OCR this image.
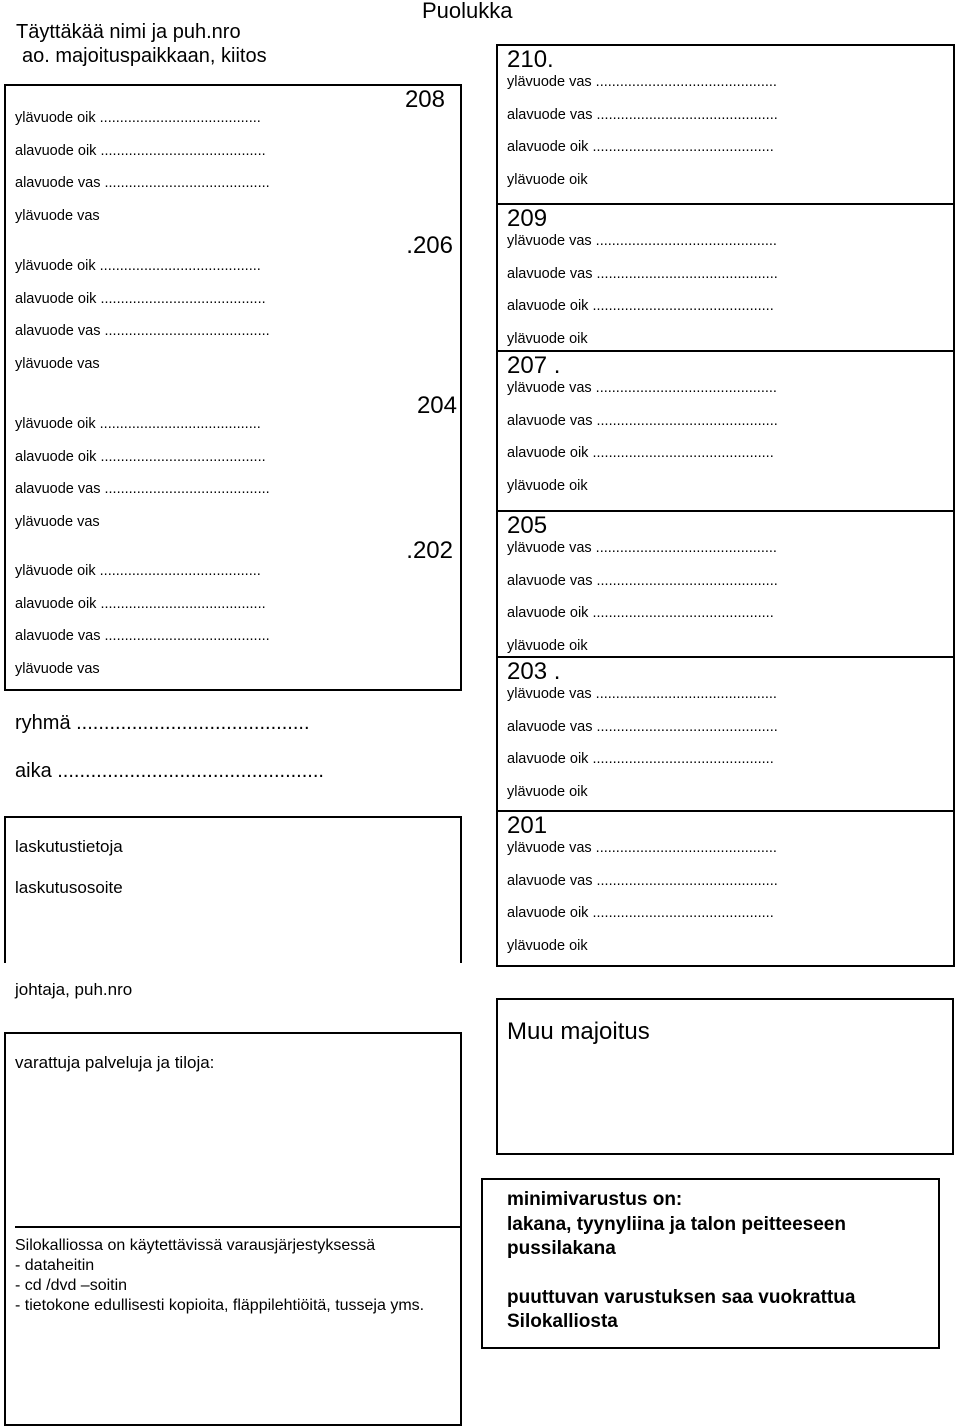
Täyttäkää nimi ja puh.nro
ao. majoituspaikkaan, kiitos
Puolukka
208
ylävuode oik ........................................
alavuode oik .........................................
alavuode vas .........................................
ylävuode vas
.206
ylävuode oik ........................................
alavuode oik .........................................
alavuode vas .........................................
ylävuode vas
204
ylävuode oik ........................................
alavuode oik .........................................
alavuode vas .........................................
ylävuode vas
.202
ylävuode oik ........................................
alavuode oik .........................................
alavuode vas .........................................
ylävuode vas
ryhmä ..........................................
aika ................................................
laskutustietoja
laskutusosoite
johtaja, puh.nro
varattuja palveluja ja tiloja:
Silokalliossa on käytettävissä varausjärjestyksessä
- dataheitin
- cd /dvd –soitin
- tietokone edullisesti kopioita, fläppilehtiöitä, tusseja yms.
210.
ylävuode vas .............................................
alavuode vas .............................................
alavuode oik .............................................
ylävuode oik
209
ylävuode vas .............................................
alavuode vas .............................................
alavuode oik .............................................
ylävuode oik
207 .
ylävuode vas .............................................
alavuode vas .............................................
alavuode oik .............................................
ylävuode oik
205
ylävuode vas .............................................
alavuode vas .............................................
alavuode oik .............................................
ylävuode oik
203 .
ylävuode vas .............................................
alavuode vas .............................................
alavuode oik .............................................
ylävuode oik
201
ylävuode vas .............................................
alavuode vas .............................................
alavuode oik .............................................
ylävuode oik
Muu majoitus
minimivarustus on:
lakana, tyynyliina ja talon peitteeseen
pussilakana
puuttuvan varustuksen saa vuokrattua
Silokalliosta
